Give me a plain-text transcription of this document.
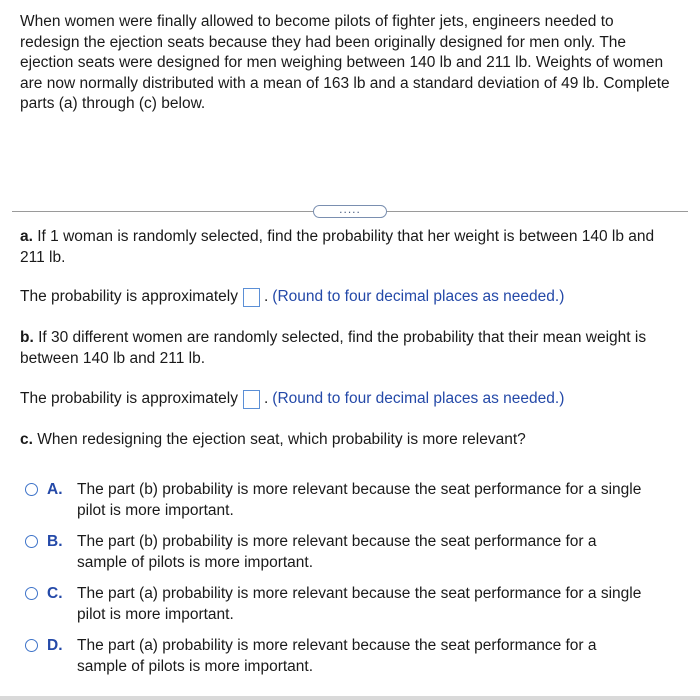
When women were finally allowed to become pilots of fighter jets, engineers needed to redesign the ejection seats because they had been originally designed for men only. The ejection seats were designed for men weighing between 140 lb and 211 lb. Weights of women are now normally distributed with a mean of 163 lb and a standard deviation of 49 lb. Complete parts (a) through (c) below.

.....

a. If 1 woman is randomly selected, find the probability that her weight is between 140 lb and 211 lb.

The probability is approximately . (Round to four decimal places as needed.)

b. If 30 different women are randomly selected, find the probability that their mean weight is between 140 lb and 211 lb.

The probability is approximately . (Round to four decimal places as needed.)

c. When redesigning the ejection seat, which probability is more relevant?

A. The part (b) probability is more relevant because the seat performance for a single pilot is more important.
B. The part (b) probability is more relevant because the seat performance for a sample of pilots is more important.
C. The part (a) probability is more relevant because the seat performance for a single pilot is more important.
D. The part (a) probability is more relevant because the seat performance for a sample of pilots is more important.
